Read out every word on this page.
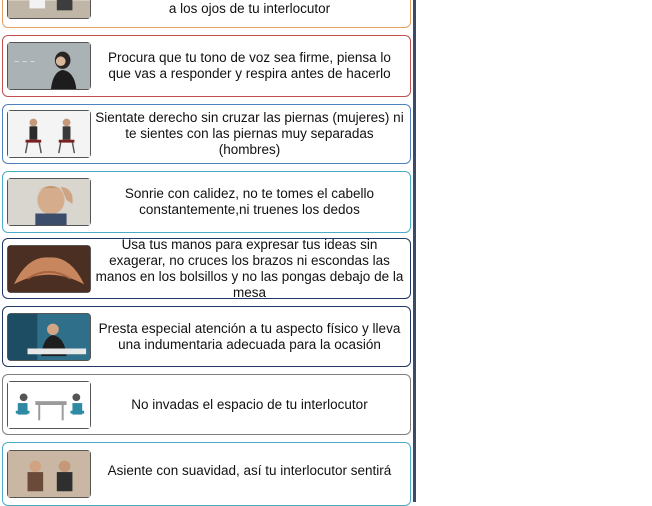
a los ojos de tu interlocutor
~ ~ ~	Procura que tu tono de voz sea firme, piensa lo que vas a responder y respira antes de hacerlo
Sientate derecho sin cruzar las piernas (mujeres) ni te sientes con las piernas muy separadas (hombres)
Sonrie con calidez, no te tomes el cabello constantemente,ni truenes los dedos
Usa tus manos para expresar tus ideas sin exagerar, no cruces los brazos ni escondas las manos en los bolsillos y no las pongas debajo de la mesa
Presta especial atención a tu aspecto físico y lleva una indumentaria adecuada para la ocasión
No invadas el espacio de tu interlocutor
Asiente con suavidad, así tu interlocutor sentirá
